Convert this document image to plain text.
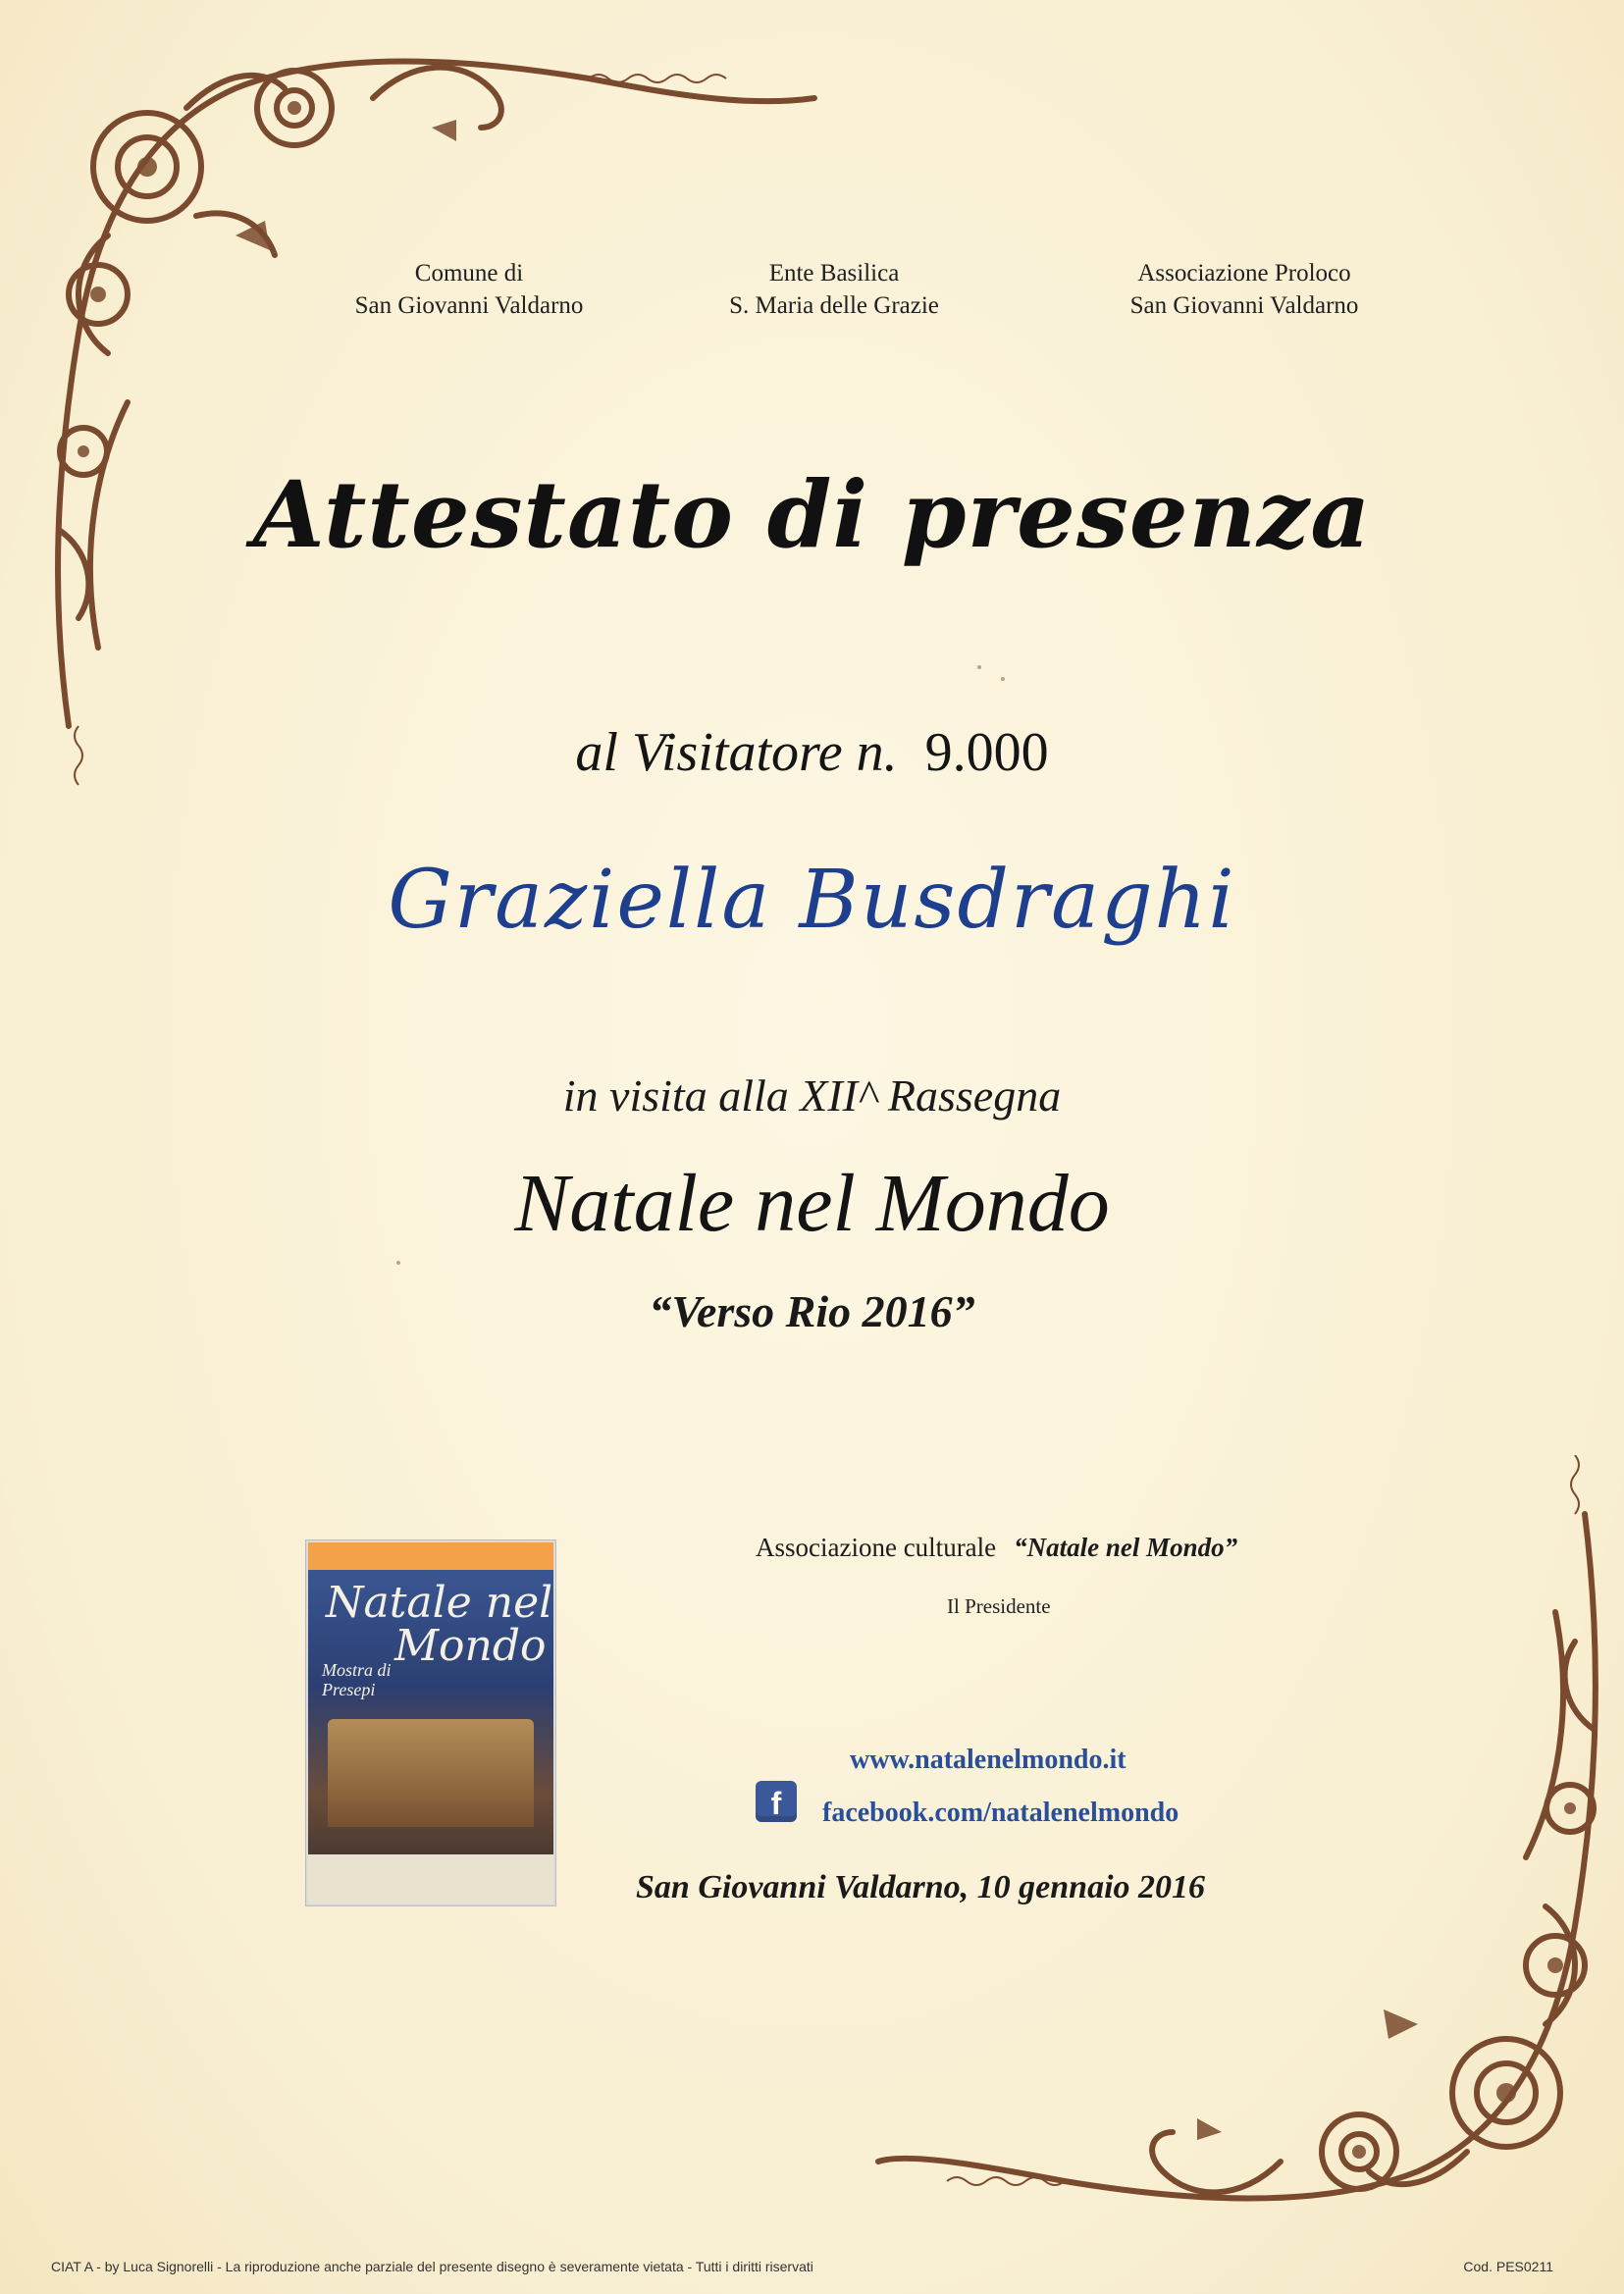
Comune di
San Giovanni Valdarno
Ente Basilica
S. Maria delle Grazie
Associazione Proloco
San Giovanni Valdarno
Attestato di presenza
al Visitatore n. 9.000
Graziella Busdraghi
in visita alla XII^ Rassegna
Natale nel Mondo
“Verso Rio 2016”
Natale nel
Mondo
Mostra di
Presepi
Associazione culturale “Natale nel Mondo”
Il Presidente
www.natalenelmondo.it
f	facebook.com/natalenelmondo
San Giovanni Valdarno, 10 gennaio 2016
CIAT A - by Luca Signorelli - La riproduzione anche parziale del presente disegno è severamente vietata - Tutti i diritti riservati	Cod. PES0211
